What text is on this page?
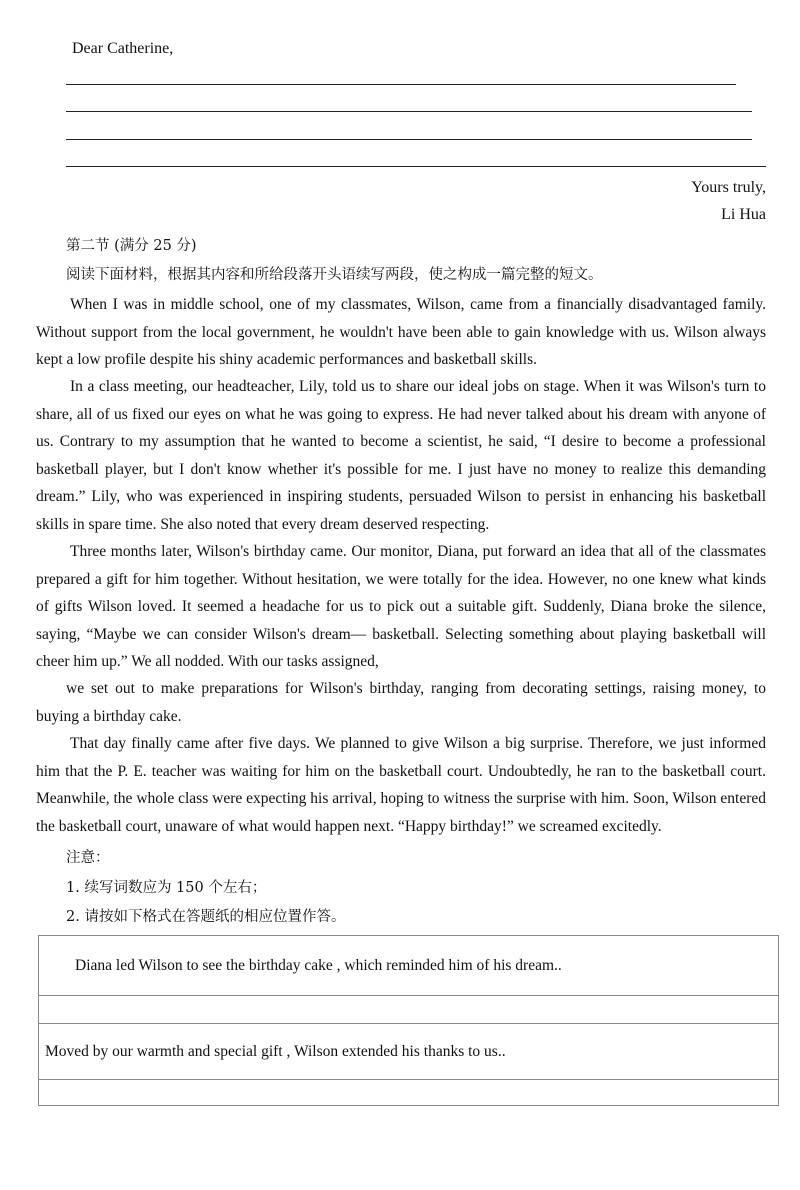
Dear Catherine,
Yours truly,
Li Hua
第二节 (满分 25 分)
阅读下面材料，根据其内容和所给段落开头语续写两段，使之构成一篇完整的短文。

When I was in middle school, one of my classmates, Wilson, came from a financially disadvantaged family. Without support from the local government, he wouldn't have been able to gain knowledge with us. Wilson always kept a low profile despite his shiny academic performances and basketball skills.

In a class meeting, our headteacher, Lily, told us to share our ideal jobs on stage. When it was Wilson's turn to share, all of us fixed our eyes on what he was going to express. He had never talked about his dream with anyone of us. Contrary to my assumption that he wanted to become a scientist, he said, “I desire to become a professional basketball player, but I don't know whether it's possible for me. I just have no money to realize this demanding dream.” Lily, who was experienced in inspiring students, persuaded Wilson to persist in enhancing his basketball skills in spare time. She also noted that every dream deserved respecting.

Three months later, Wilson's birthday came. Our monitor, Diana, put forward an idea that all of the classmates prepared a gift for him together. Without hesitation, we were totally for the idea. However, no one knew what kinds of gifts Wilson loved. It seemed a headache for us to pick out a suitable gift. Suddenly, Diana broke the silence, saying, “Maybe we can consider Wilson's dream— basketball. Selecting something about playing basketball will cheer him up.” We all nodded. With our tasks assigned,

we set out to make preparations for Wilson's birthday, ranging from decorating settings, raising money, to buying a birthday cake.

That day finally came after five days. We planned to give Wilson a big surprise. Therefore, we just informed him that the P. E. teacher was waiting for him on the basketball court. Undoubtedly, he ran to the basketball court. Meanwhile, the whole class were expecting his arrival, hoping to witness the surprise with him. Soon, Wilson entered the basketball court, unaware of what would happen next. “Happy birthday!” we screamed excitedly.

注意：
1. 续写词数应为 150 个左右；
2. 请按如下格式在答题纸的相应位置作答。
Diana led Wilson to see the birthday cake , which reminded him of his dream..

Moved by our warmth and special gift , Wilson extended his thanks to us..
